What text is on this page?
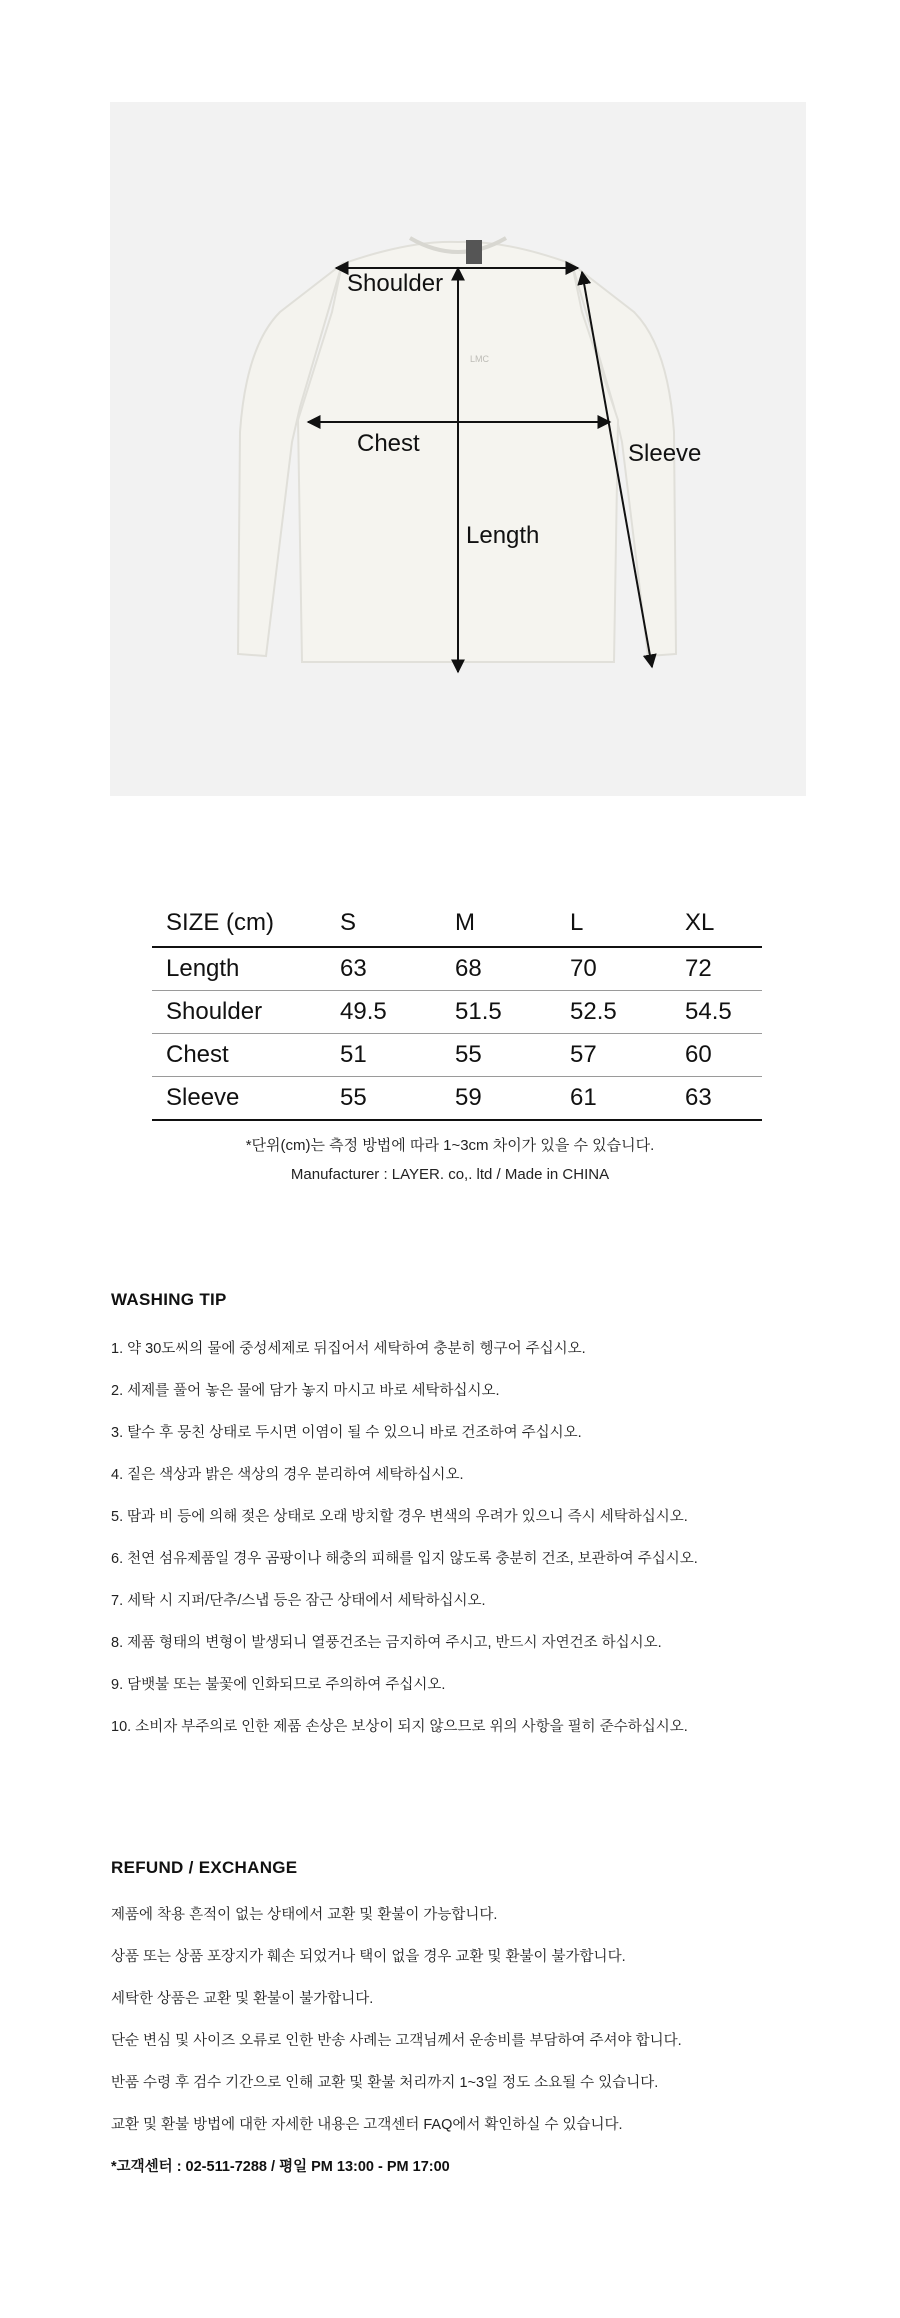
LMC
Shoulder
Chest
Length
Sleeve
SIZE (cm)	S	M	L	XL
Length	63	68	70	72
Shoulder	49.5	51.5	52.5	54.5
Chest	51	55	57	60
Sleeve	55	59	61	63
*단위(cm)는 측정 방법에 따라 1~3cm 차이가 있을 수 있습니다.
Manufacturer : LAYER. co,. ltd / Made in CHINA
WASHING TIP
1. 약 30도씨의 물에 중성세제로 뒤집어서 세탁하여 충분히 헹구어 주십시오.
2. 세제를 풀어 놓은 물에 담가 놓지 마시고 바로 세탁하십시오.
3. 탈수 후 뭉친 상태로 두시면 이염이 될 수 있으니 바로 건조하여 주십시오.
4. 짙은 색상과 밝은 색상의 경우 분리하여 세탁하십시오.
5. 땀과 비 등에 의해 젖은 상태로 오래 방치할 경우 변색의 우려가 있으니 즉시 세탁하십시오.
6. 천연 섬유제품일 경우 곰팡이나 해충의 피해를 입지 않도록 충분히 건조, 보관하여 주십시오.
7. 세탁 시 지퍼/단추/스냅 등은 잠근 상태에서 세탁하십시오.
8. 제품 형태의 변형이 발생되니 열풍건조는 금지하여 주시고, 반드시 자연건조 하십시오.
9. 담뱃불 또는 불꽃에 인화되므로 주의하여 주십시오.
10. 소비자 부주의로 인한 제품 손상은 보상이 되지 않으므로 위의 사항을 필히 준수하십시오.
REFUND / EXCHANGE
제품에 착용 흔적이 없는 상태에서 교환 및 환불이 가능합니다.
상품 또는 상품 포장지가 훼손 되었거나 택이 없을 경우 교환 및 환불이 불가합니다.
세탁한 상품은 교환 및 환불이 불가합니다.
단순 변심 및 사이즈 오류로 인한 반송 사례는 고객님께서 운송비를 부담하여 주셔야 합니다.
반품 수령 후 검수 기간으로 인해 교환 및 환불 처리까지 1~3일 정도 소요될 수 있습니다.
교환 및 환불 방법에 대한 자세한 내용은 고객센터 FAQ에서 확인하실 수 있습니다.
*고객센터 : 02-511-7288 / 평일 PM 13:00 - PM 17:00
